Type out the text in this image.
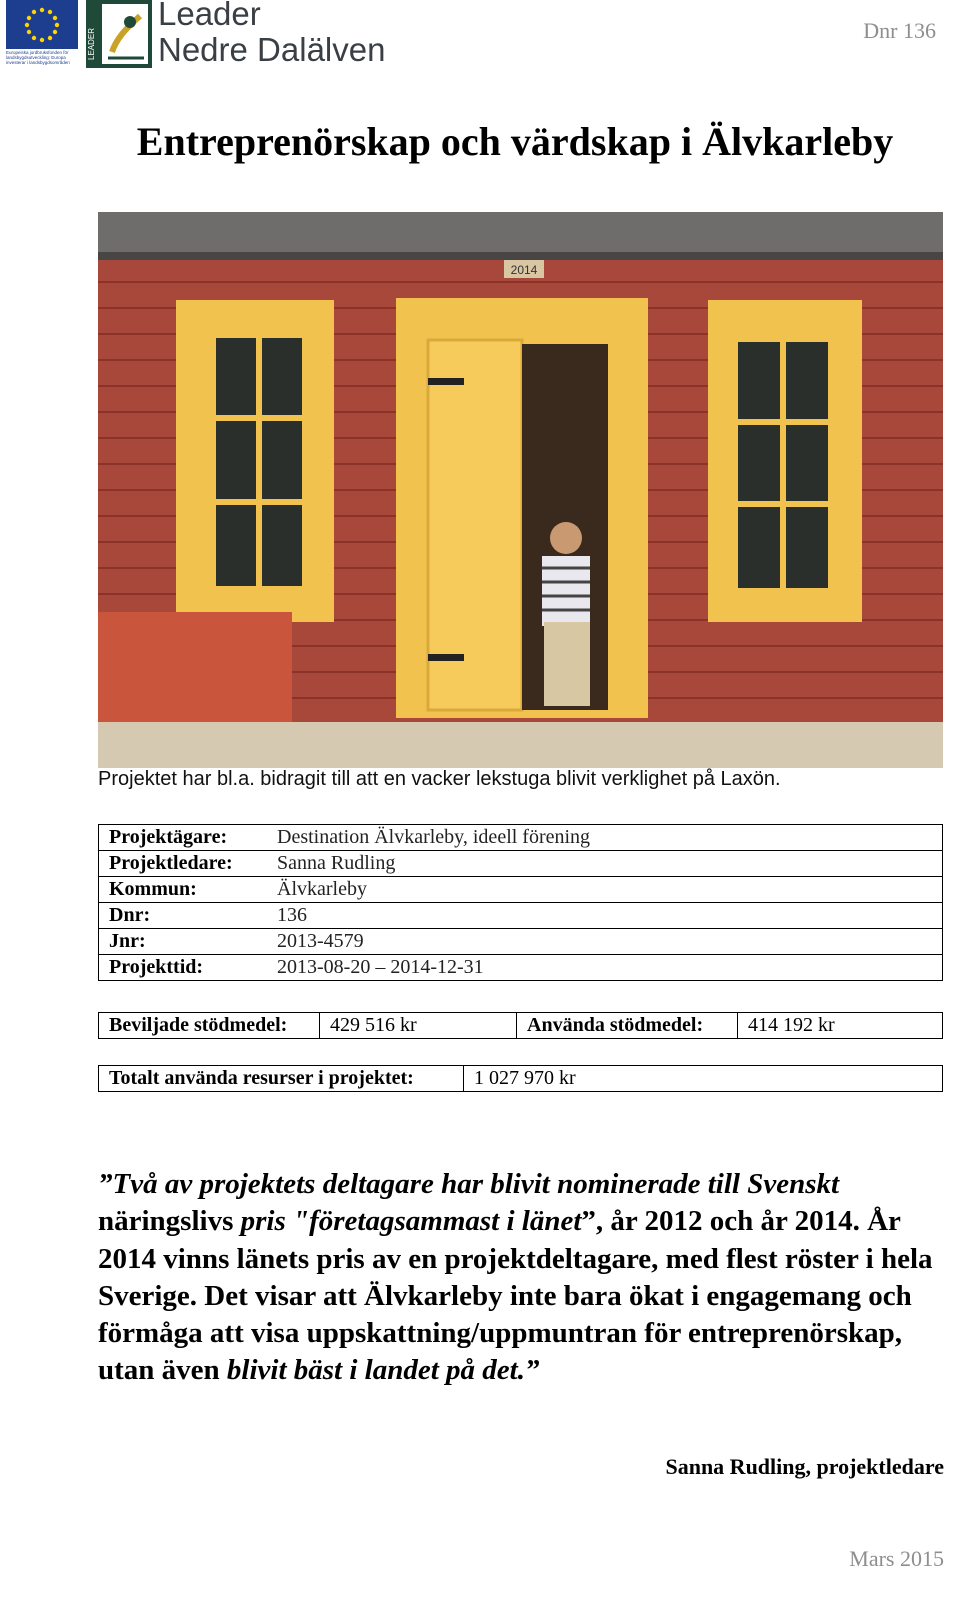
Europeiska jordbruksfonden för landsbygdsutveckling: Europa investerar i landsbygdsområden
LEADER
Leader
Nedre Dalälven
Dnr 136
Entreprenörskap och värdskap i Älvkarleby
2014
Projektet har bl.a. bidragit till att en vacker lekstuga blivit verklighet på Laxön.
Projektägare:	Destination Älvkarleby, ideell förening
Projektledare:	Sanna Rudling
Kommun:	Älvkarleby
Dnr:	136
Jnr:	2013-4579
Projekttid:	2013-08-20 – 2014-12-31
Beviljade stödmedel:	429 516 kr	Använda stödmedel:	414 192 kr
Totalt använda resurser i projektet:	1 027 970 kr
”Två av projektets deltagare har blivit nominerade till Svenskt näringslivs pris "företagsammast i länet”, år 2012 och år 2014. År 2014 vinns länets pris av en projektdeltagare, med flest röster i hela Sverige. Det visar att Älvkarleby inte bara ökat i engagemang och förmåga att visa uppskattning/uppmuntran för entreprenörskap, utan även blivit bäst i landet på det.”
Sanna Rudling, projektledare
Mars 2015
